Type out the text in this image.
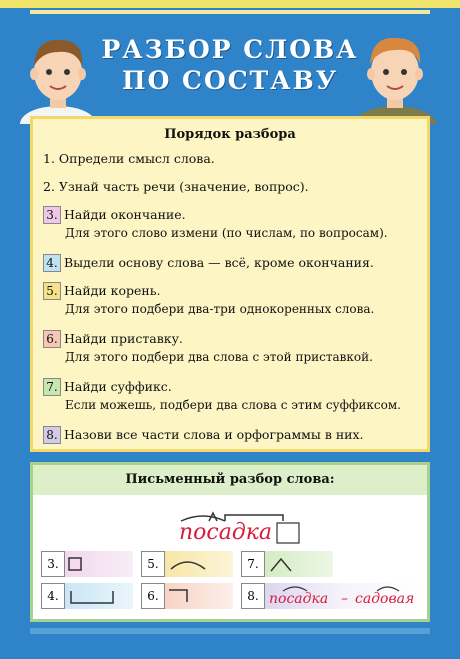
РАЗБОР СЛОВА
ПО СОСТАВУ
Порядок разбора
1. Определи смысл слова.
2. Узнай часть речи (значение, вопрос).
3. Найди окончание.
Для этого слово измени (по числам, по вопросам).
4. Выдели основу слова — всё, кроме окончания.
5. Найди корень.
Для этого подбери два-три однокоренных слова.
6. Найди приставку.
Для этого подбери два слова с этой приставкой.
7. Найди суффикс.
Если можешь, подбери два слова с этим суффиксом.
8. Назови все части слова и орфограммы в них.
Письменный разбор слова:
посадка
3.	5.	7.
4.	6.	8. посадка – садовая
